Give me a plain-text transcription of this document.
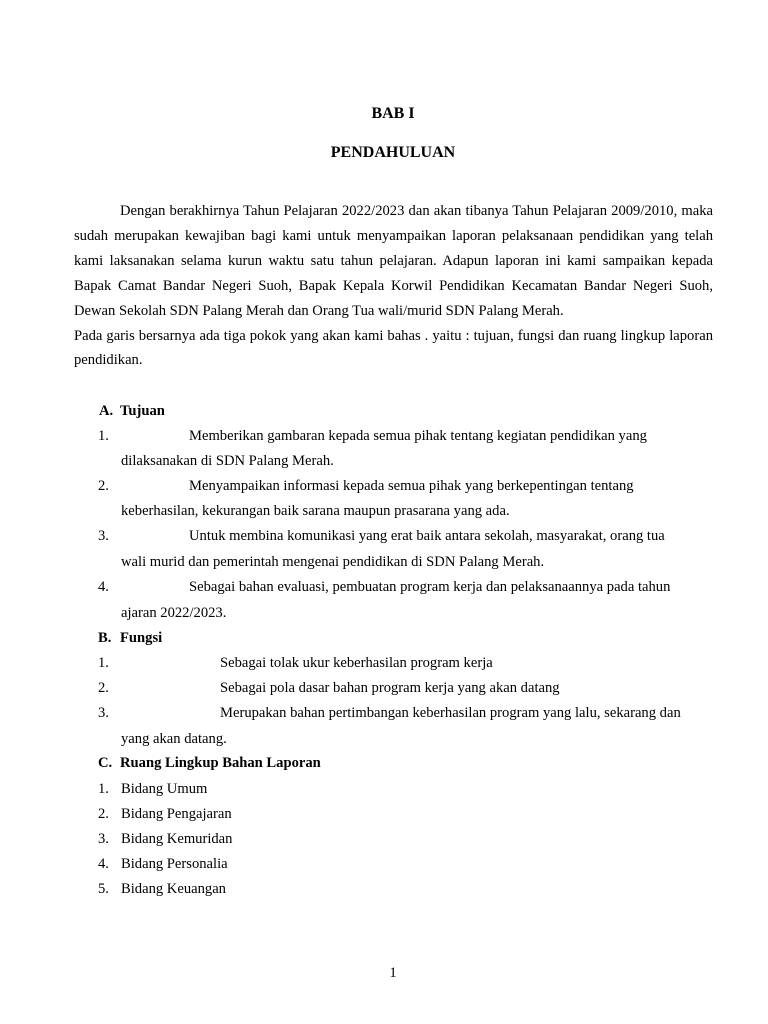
BAB I
PENDAHULUAN

Dengan berakhirnya Tahun Pelajaran 2022/2023 dan akan tibanya Tahun Pelajaran 2009/2010, maka sudah merupakan kewajiban bagi kami untuk menyampaikan laporan pelaksanaan pendidikan yang telah kami laksanakan selama kurun waktu satu tahun pelajaran. Adapun laporan ini kami sampaikan kepada Bapak Camat Bandar Negeri Suoh, Bapak Kepala Korwil Pendidikan Kecamatan Bandar Negeri Suoh, Dewan Sekolah SDN Palang Merah dan Orang Tua wali/murid SDN Palang Merah.

Pada garis bersarnya ada tiga pokok yang akan kami bahas . yaitu : tujuan, fungsi dan ruang lingkup laporan pendidikan.

A. Tujuan
1.	Memberikan gambaran kepada semua pihak tentang kegiatan pendidikan yang
dilaksanakan di SDN Palang Merah.
2.	Menyampaikan informasi kepada semua pihak yang berkepentingan tentang
keberhasilan, kekurangan baik sarana maupun prasarana yang ada.
3.	Untuk membina komunikasi yang erat baik antara sekolah, masyarakat, orang tua
wali murid dan pemerintah mengenai pendidikan di SDN Palang Merah.
4.	Sebagai bahan evaluasi, pembuatan program kerja dan pelaksanaannya pada tahun
ajaran 2022/2023.
B. Fungsi
1.	Sebagai tolak ukur keberhasilan program kerja
2.	Sebagai pola dasar bahan program kerja yang akan datang
3.	Merupakan bahan pertimbangan keberhasilan program yang lalu, sekarang dan
yang akan datang.
C. Ruang Lingkup Bahan Laporan
1. Bidang Umum
2. Bidang Pengajaran
3. Bidang Kemuridan
4. Bidang Personalia
5. Bidang Keuangan
1
